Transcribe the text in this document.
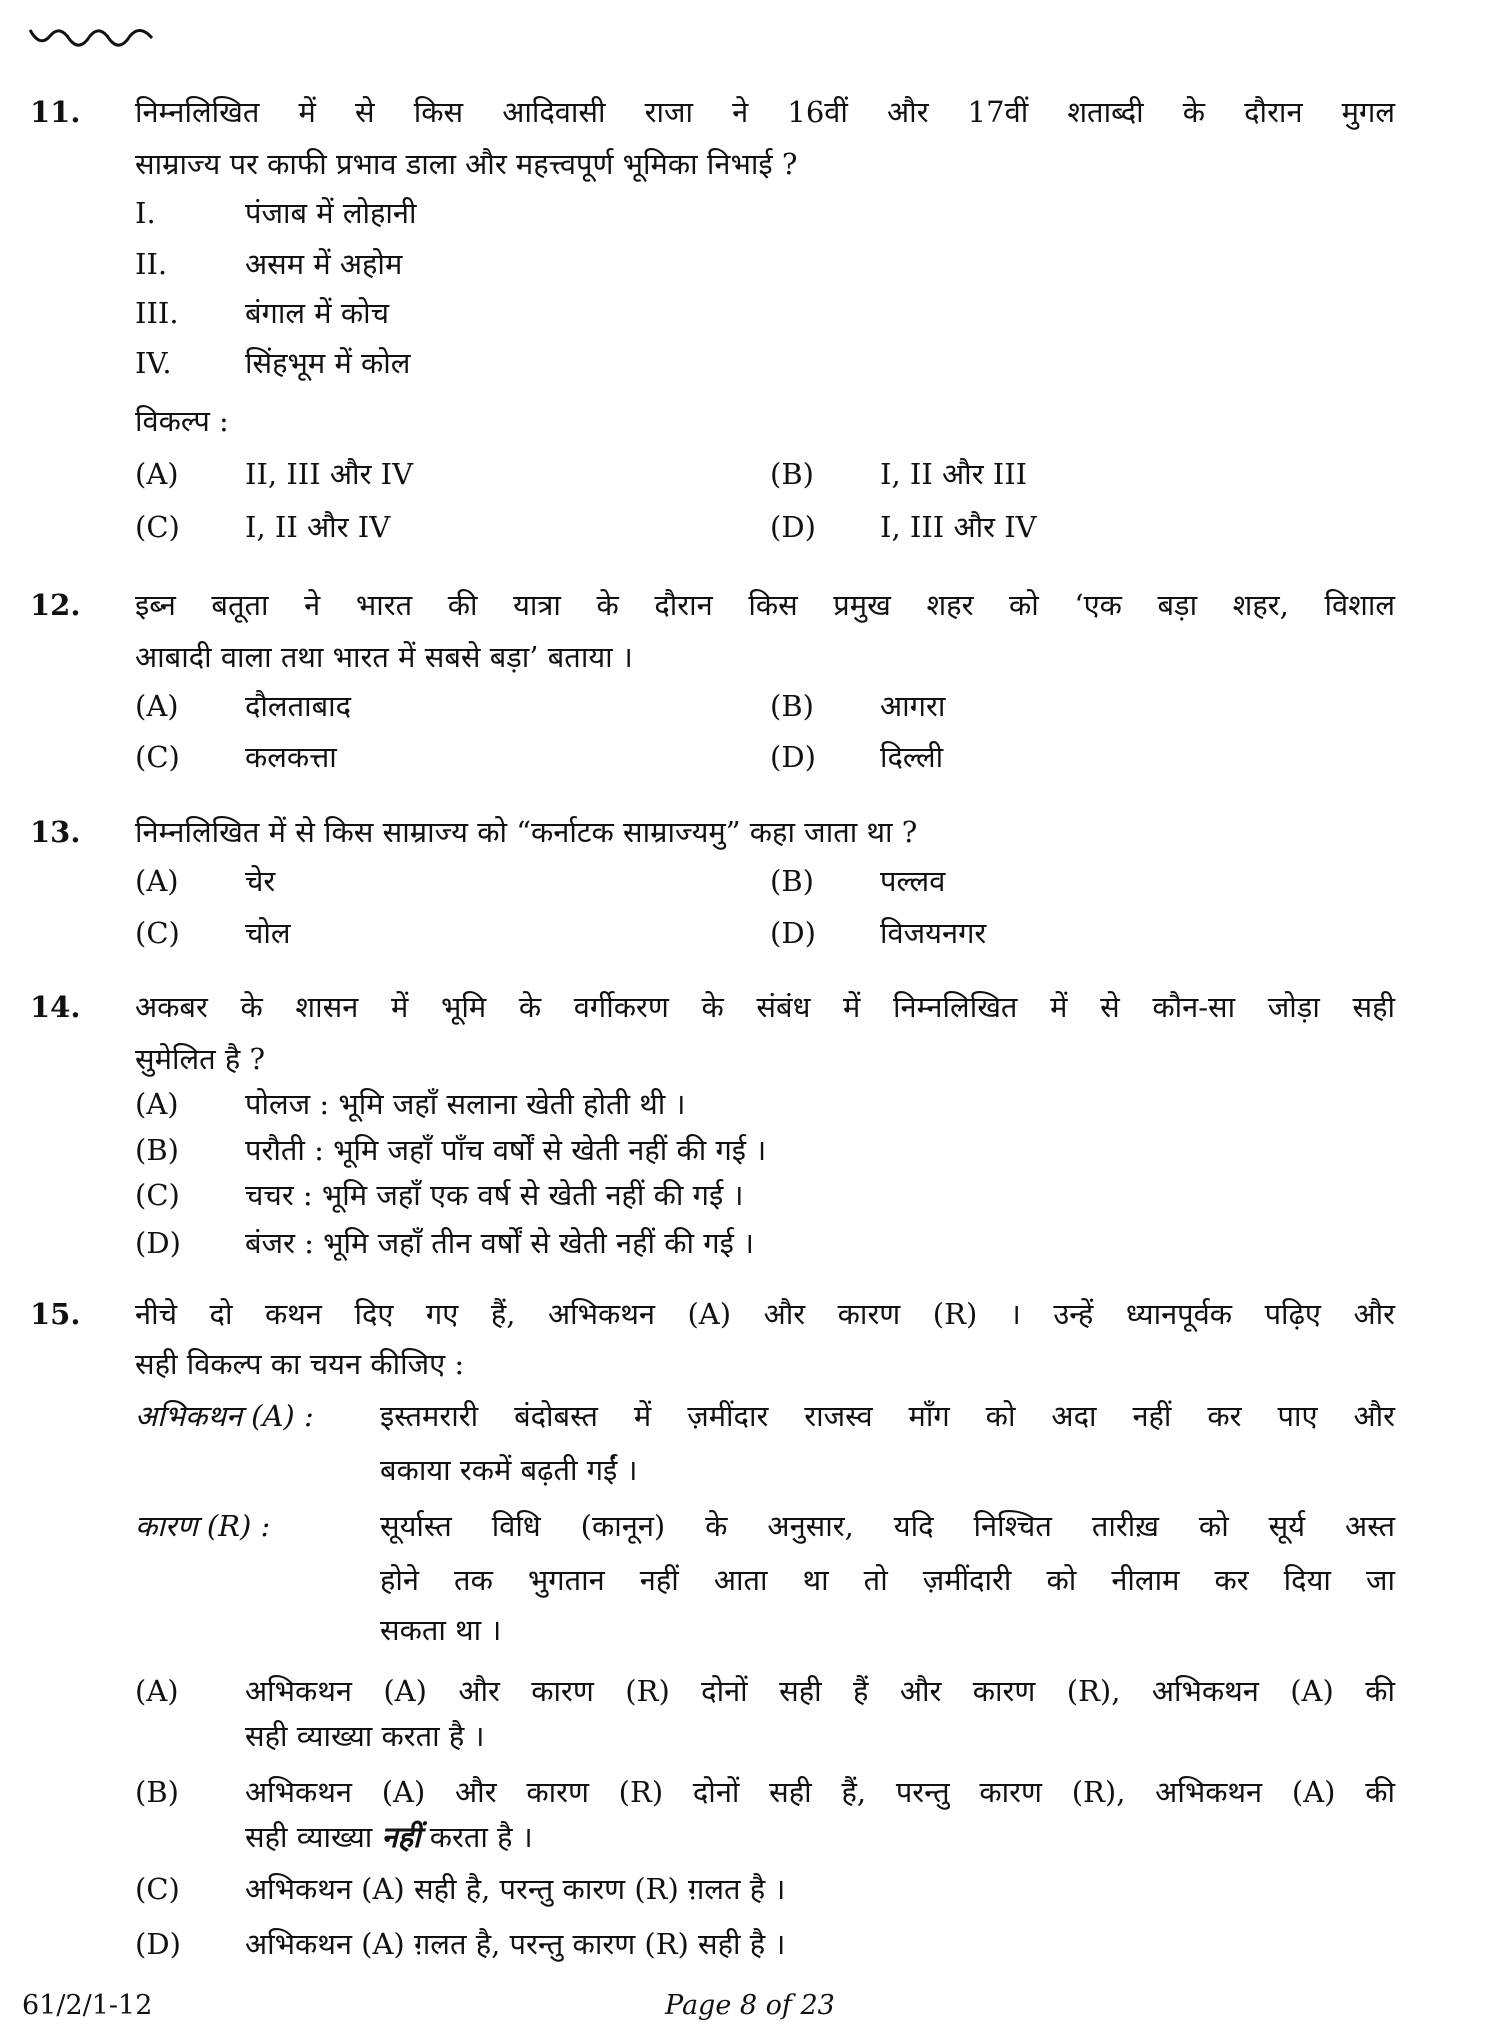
11. निम्नलिखित में से किस आदिवासी राजा ने 16वीं और 17वीं शताब्दी के दौरान मुगल
साम्राज्य पर काफी प्रभाव डाला और महत्त्वपूर्ण भूमिका निभाई ?
I.	पंजाब में लोहानी
II.	असम में अहोम
III. बंगाल में कोच
IV.	सिंहभूम में कोल
विकल्प :
(A) II, III और IV	(B) I, II और III
(C) I, II और IV	(D) I, III और IV
12. इब्न बतूता ने भारत की यात्रा के दौरान किस प्रमुख शहर को ‘एक बड़ा शहर, विशाल
आबादी वाला तथा भारत में सबसे बड़ा’ बताया ।
(A) दौलताबाद	(B) आगरा
(C) कलकत्ता	(D) दिल्ली
13. निम्नलिखित में से किस साम्राज्य को “कर्नाटक साम्राज्यमु” कहा जाता था ?
(A) चेर	(B) पल्लव
(C) चोल	(D) विजयनगर
14. अकबर के शासन में भूमि के वर्गीकरण के संबंध में निम्नलिखित में से कौन-सा जोड़ा सही
सुमेलित है ?
(A) पोलज : भूमि जहाँ सलाना खेती होती थी ।
(B) परौती : भूमि जहाँ पाँच वर्षों से खेती नहीं की गई ।
(C) चचर : भूमि जहाँ एक वर्ष से खेती नहीं की गई ।
(D) बंजर : भूमि जहाँ तीन वर्षों से खेती नहीं की गई ।
15. नीचे दो कथन दिए गए हैं, अभिकथन (A) और कारण (R) । उन्हें ध्यानपूर्वक पढ़िए और
सही विकल्प का चयन कीजिए :
अभिकथन (A) : इस्तमरारी बंदोबस्त में ज़मींदार राजस्व माँग को अदा नहीं कर पाए और
बकाया रकमें बढ़ती गईं ।
कारण (R) :	सूर्यास्त विधि (कानून) के अनुसार, यदि निश्चित तारीख़ को सूर्य अस्त
होने तक भुगतान नहीं आता था तो ज़मींदारी को नीलाम कर दिया जा
सकता था ।
(A) अभिकथन (A) और कारण (R) दोनों सही हैं और कारण (R), अभिकथन (A) की
सही व्याख्या करता है ।
(B) अभिकथन (A) और कारण (R) दोनों सही हैं, परन्तु कारण (R), अभिकथन (A) की
सही व्याख्या नहीं करता है ।
(C) अभिकथन (A) सही है, परन्तु कारण (R) ग़लत है ।
(D) अभिकथन (A) ग़लत है, परन्तु कारण (R) सही है ।
61/2/1-12	Page 8 of 23
